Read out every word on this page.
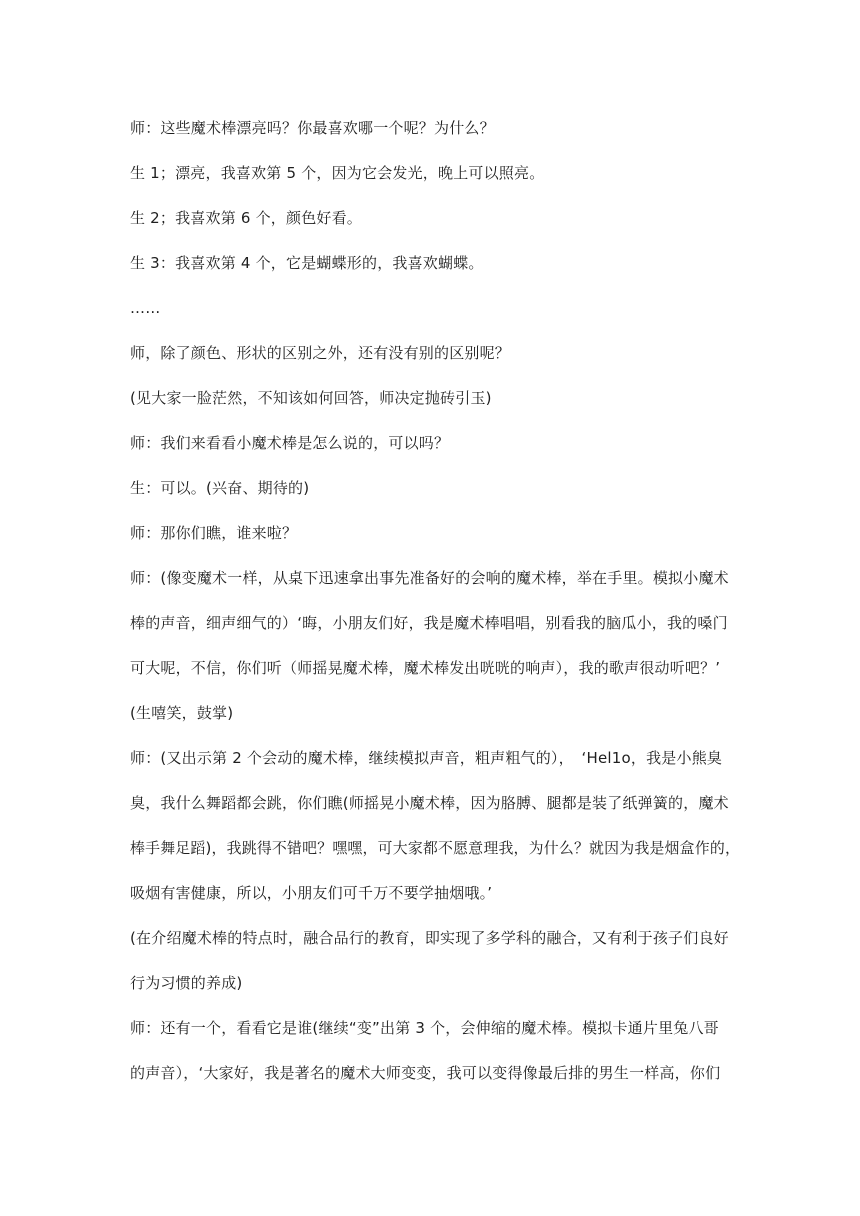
师：这些魔术棒漂亮吗？你最喜欢哪一个呢？为什么？
生 1；漂亮，我喜欢第 5 个，因为它会发光，晚上可以照亮。
生 2；我喜欢第 6 个，颜色好看。
生 3：我喜欢第 4 个，它是蝴蝶形的，我喜欢蝴蝶。
……
师，除了颜色、形状的区别之外，还有没有别的区别呢？
(见大家一脸茫然，不知该如何回答，师决定抛砖引玉)
师：我们来看看小魔术棒是怎么说的，可以吗？
生：可以。(兴奋、期待的)
师：那你们瞧，谁来啦？
师：(像变魔术一样，从桌下迅速拿出事先准备好的会响的魔术棒，举在手里。模拟小魔术
棒的声音，细声细气的）‘晦，小朋友们好，我是魔术棒唱唱，别看我的脑瓜小，我的嗓门
可大呢，不信，你们听（师摇晃魔术棒，魔术棒发出咣咣的响声），我的歌声很动听吧？’
(生嘻笑，鼓掌)
师：(又出示第 2 个会动的魔术棒，继续模拟声音，粗声粗气的），　‘Hel1o，我是小熊臭
臭，我什么舞蹈都会跳，你们瞧(师摇晃小魔术棒，因为胳膊、腿都是装了纸弹簧的，魔术
棒手舞足蹈)，我跳得不错吧？嘿嘿，可大家都不愿意理我，为什么？就因为我是烟盒作的，
吸烟有害健康，所以，小朋友们可千万不要学抽烟哦。’
(在介绍魔术棒的特点时，融合品行的教育，即实现了多学科的融合，又有利于孩子们良好
行为习惯的养成)
师：还有一个，看看它是谁(继续“变”出第 3 个，会伸缩的魔术棒。模拟卡通片里兔八哥
的声音），‘大家好，我是著名的魔术大师变变，我可以变得像最后排的男生一样高，你们
